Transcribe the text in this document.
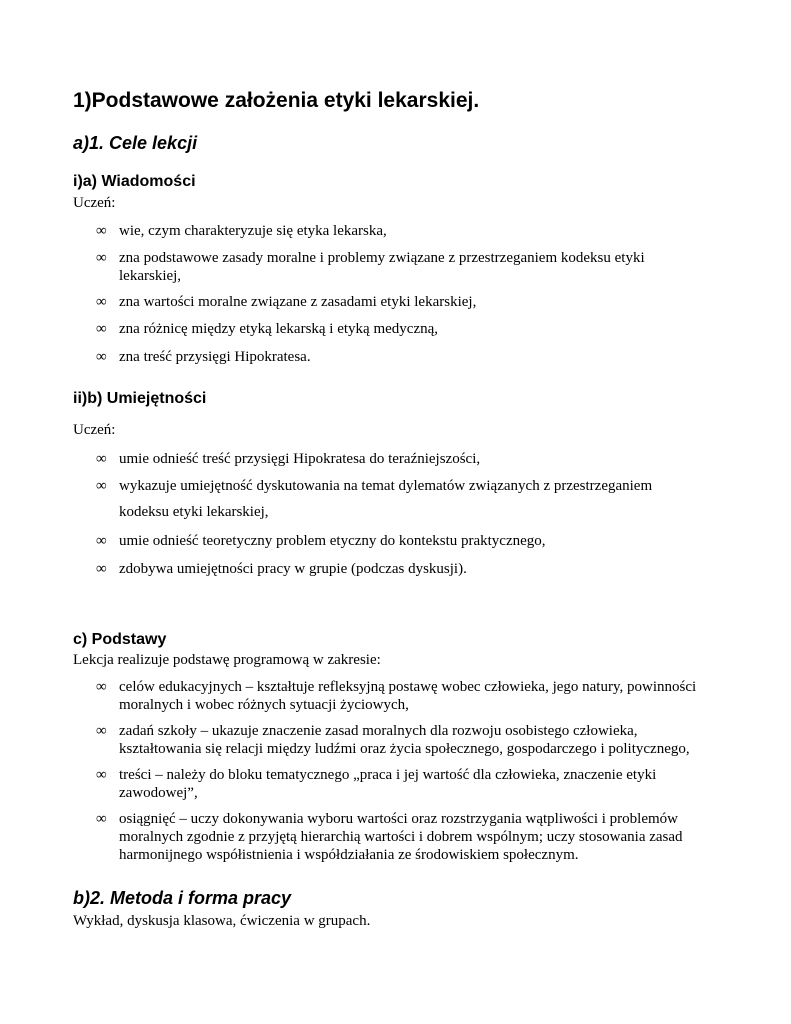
1)Podstawowe założenia etyki lekarskiej.
a)1. Cele lekcji
i)a) Wiadomości
Uczeń:
∞ wie, czym charakteryzuje się etyka lekarska,
∞ zna podstawowe zasady moralne i problemy związane z przestrzeganiem kodeksu etyki
lekarskiej,
∞ zna wartości moralne związane z zasadami etyki lekarskiej,
∞ zna różnicę między etyką lekarską i etyką medyczną,
∞ zna treść przysięgi Hipokratesa.
ii)b) Umiejętności
Uczeń:
∞ umie odnieść treść przysięgi Hipokratesa do teraźniejszości,
∞ wykazuje umiejętność dyskutowania na temat dylematów związanych z przestrzeganiem
kodeksu etyki lekarskiej,
∞ umie odnieść teoretyczny problem etyczny do kontekstu praktycznego,
∞ zdobywa umiejętności pracy w grupie (podczas dyskusji).
c) Podstawy
Lekcja realizuje podstawę programową w zakresie:
∞ celów edukacyjnych – kształtuje refleksyjną postawę wobec człowieka, jego natury, powinności
moralnych i wobec różnych sytuacji życiowych,
∞ zadań szkoły – ukazuje znaczenie zasad moralnych dla rozwoju osobistego człowieka,
kształtowania się relacji między ludźmi oraz życia społecznego, gospodarczego i politycznego,
∞ treści – należy do bloku tematycznego „praca i jej wartość dla człowieka, znaczenie etyki
zawodowej”,
∞ osiągnięć – uczy dokonywania wyboru wartości oraz rozstrzygania wątpliwości i problemów
moralnych zgodnie z przyjętą hierarchią wartości i dobrem wspólnym; uczy stosowania zasad
harmonijnego współistnienia i współdziałania ze środowiskiem społecznym.
b)2. Metoda i forma pracy
Wykład, dyskusja klasowa, ćwiczenia w grupach.
